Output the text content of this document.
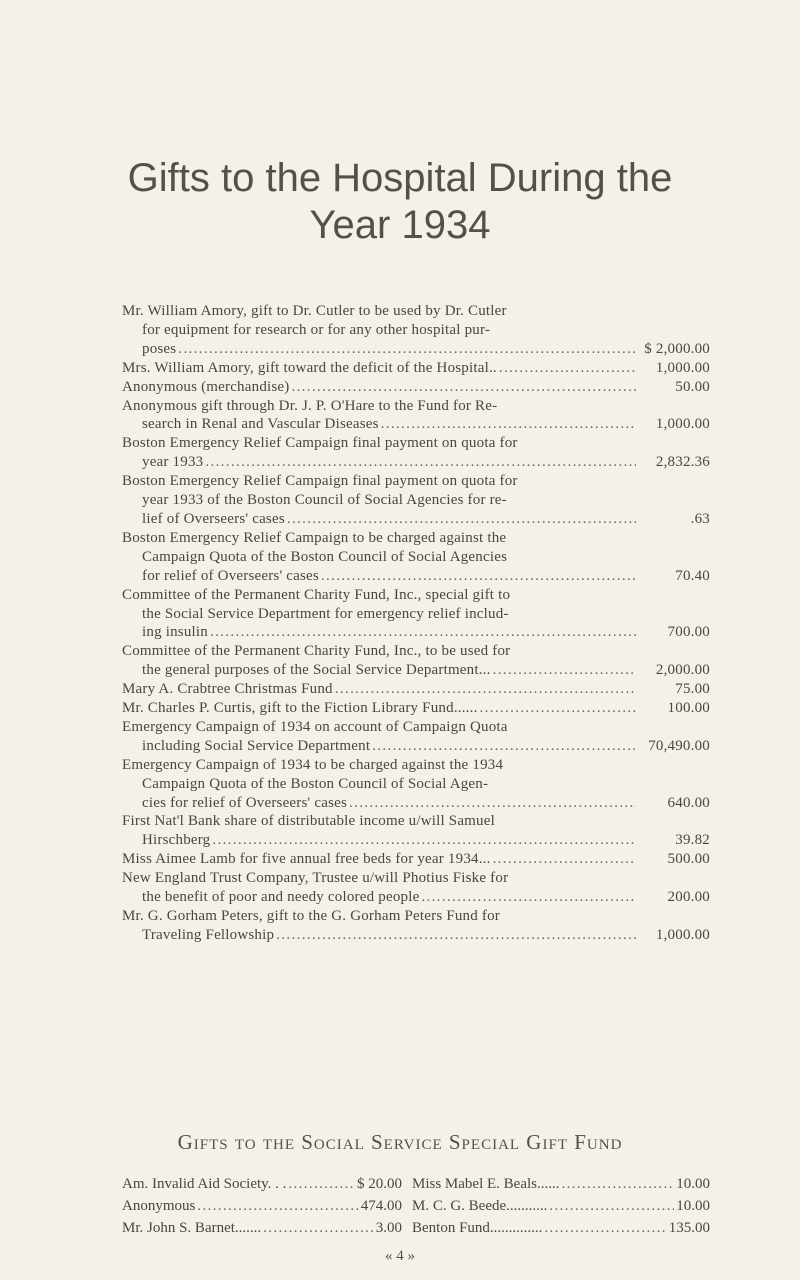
Gifts to the Hospital During the
Year 1934
Mr. William Amory, gift to Dr. Cutler to be used by Dr. Cutler
for equipment for research or for any other hospital pur-
poses . . .	$ 2,000.00
Mrs. William Amory, gift toward the deficit of the Hospital.. . . .	1,000.00
Anonymous (merchandise) . . .	50.00
Anonymous gift through Dr. J. P. O'Hare to the Fund for Re-
search in Renal and Vascular Diseases . . .	1,000.00
Boston Emergency Relief Campaign final payment on quota for
year 1933 . . .	2,832.36
Boston Emergency Relief Campaign final payment on quota for
year 1933 of the Boston Council of Social Agencies for re-
lief of Overseers' cases . . .	.63
Boston Emergency Relief Campaign to be charged against the
Campaign Quota of the Boston Council of Social Agencies
for relief of Overseers' cases . . .	70.40
Committee of the Permanent Charity Fund, Inc., special gift to
the Social Service Department for emergency relief includ-
ing insulin . . .	700.00
Committee of the Permanent Charity Fund, Inc., to be used for
the general purposes of the Social Service Department... . . .	2,000.00
Mary A. Crabtree Christmas Fund . . .	75.00
Mr. Charles P. Curtis, gift to the Fiction Library Fund...... . . .	100.00
Emergency Campaign of 1934 on account of Campaign Quota
including Social Service Department . . .	70,490.00
Emergency Campaign of 1934 to be charged against the 1934
Campaign Quota of the Boston Council of Social Agen-
cies for relief of Overseers' cases . . .	640.00
First Nat'l Bank share of distributable income u/will Samuel
Hirschberg . . .	39.82
Miss Aimee Lamb for five annual free beds for year 1934... . . .	500.00
New England Trust Company, Trustee u/will Photius Fiske for
the benefit of poor and needy colored people . . .	200.00
Mr. G. Gorham Peters, gift to the G. Gorham Peters Fund for
Traveling Fellowship . . .	1,000.00
Gifts to the Social Service Special Gift Fund
Am. Invalid Aid Society. . . . . .	$ 20.00
Anonymous . . .	474.00
Mr. John S. Barnet....... . . .	3.00
Miss Mabel E. Beals...... . . .	10.00
M. C. G. Beede........... . . .	10.00
Benton Fund.............. . . .	135.00
« 4 »
